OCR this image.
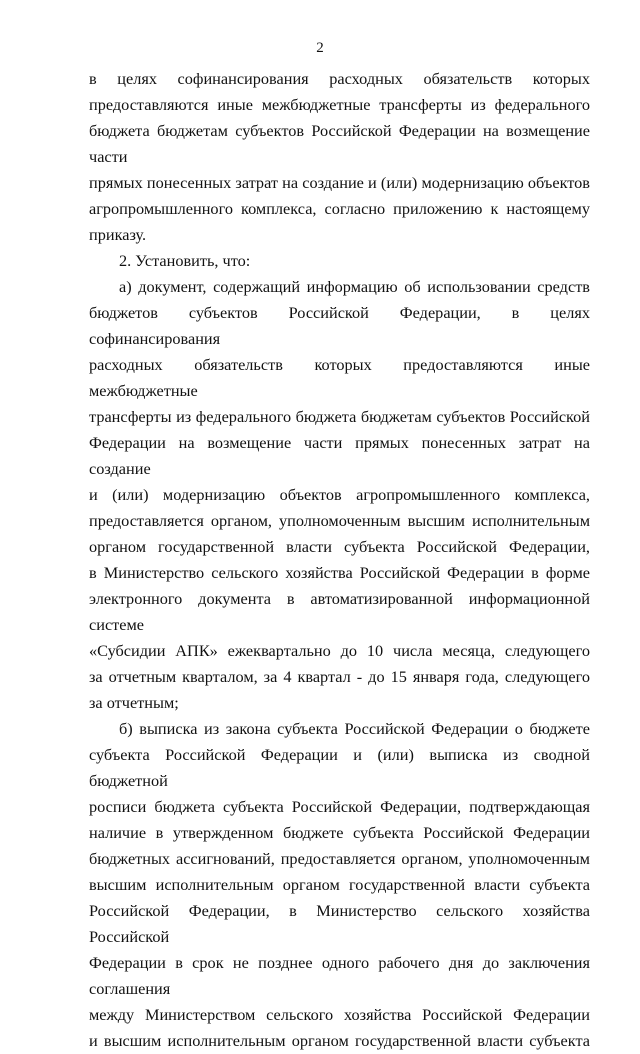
2

в целях софинансирования расходных обязательств которых
предоставляются иные межбюджетные трансферты из федерального
бюджета бюджетам субъектов Российской Федерации на возмещение части
прямых понесенных затрат на создание и (или) модернизацию объектов
агропромышленного комплекса, согласно приложению к настоящему

приказу.

2. Установить, что:

а) документ, содержащий информацию об использовании средств
бюджетов субъектов Российской Федерации, в целях софинансирования
расходных обязательств которых предоставляются иные межбюджетные
трансферты из федерального бюджета бюджетам субъектов Российской
Федерации на возмещение части прямых понесенных затрат на создание
и (или) модернизацию объектов агропромышленного комплекса,
предоставляется органом, уполномоченным высшим исполнительным
органом государственной власти субъекта Российской Федерации,
в Министерство сельского хозяйства Российской Федерации в форме
электронного документа в автоматизированной информационной системе
«Субсидии АПК» ежеквартально до 10 числа месяца, следующего
за отчетным кварталом, за 4 квартал - до 15 января года, следующего

за отчетным;

б) выписка из закона субъекта Российской Федерации о бюджете
субъекта Российской Федерации и (или) выписка из сводной бюджетной
росписи бюджета субъекта Российской Федерации, подтверждающая
наличие в утвержденном бюджете субъекта Российской Федерации
бюджетных ассигнований, предоставляется органом, уполномоченным
высшим исполнительным органом государственной власти субъекта
Российской Федерации, в Министерство сельского хозяйства Российской
Федерации в срок не позднее одного рабочего дня до заключения соглашения
между Министерством сельского хозяйства Российской Федерации
и высшим исполнительным органом государственной власти субъекта
